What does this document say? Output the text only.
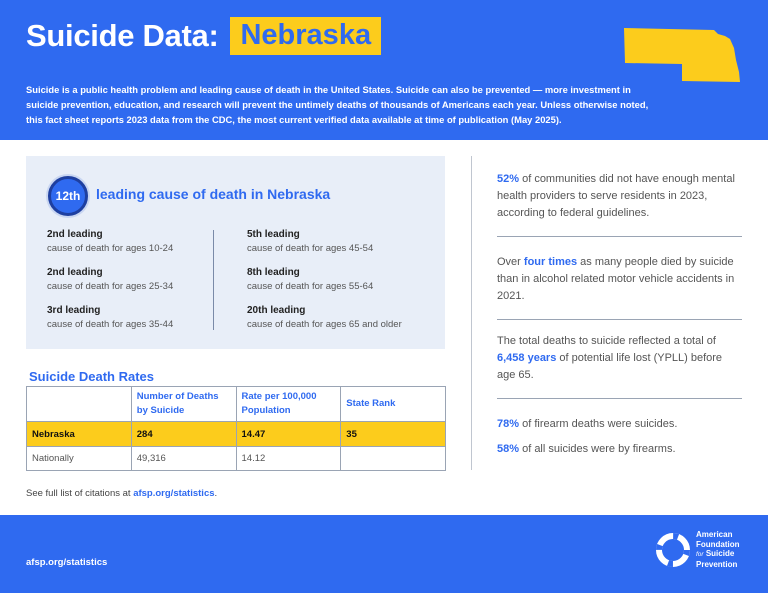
Suicide Data: Nebraska

Suicide is a public health problem and leading cause of death in the United States. Suicide can also be prevented — more investment in suicide prevention, education, and research will prevent the untimely deaths of thousands of Americans each year. Unless otherwise noted, this fact sheet reports 2023 data from the CDC, the most current verified data available at time of publication (May 2025).

12th	leading cause of death in Nebraska
2nd leading
cause of death for ages 10-24
2nd leading
cause of death for ages 25-34
3rd leading
cause of death for ages 35-44
5th leading
cause of death for ages 45-54
8th leading
cause of death for ages 55-64
20th leading
cause of death for ages 65 and older
Suicide Death Rates
	Number of Deaths by Suicide	Rate per 100,000 Population	State Rank
Nebraska	284	14.47	35
Nationally	49,316	14.12	
See full list of citations at afsp.org/statistics.

52% of communities did not have enough mental health providers to serve residents in 2023, according to federal guidelines.

Over four times as many people died by suicide than in alcohol related motor vehicle accidents in 2021.

The total deaths to suicide reflected a total of 6,458 years of potential life lost (YPLL) before age 65.

78% of firearm deaths were suicides.

58% of all suicides were by firearms.

afsp.org/statistics
American
Foundation
for Suicide
Prevention
